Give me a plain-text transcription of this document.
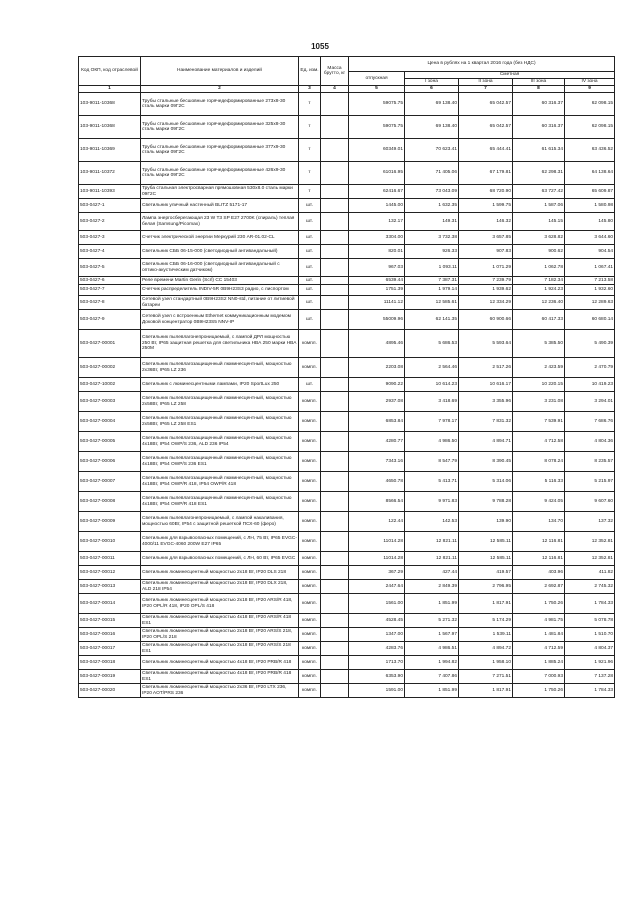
1055
Код ОКП, код отраслевой	Наименование материалов и изделий	Ед. изм.	Масса брутто, кг	Цена в рублях на 1 квартал 2016 года (без НДС)				
				отпускная	Сметная			
					I зона	II зона	III зона	IV зона
1	2	3	4	5	6	7	8	9
103-9011-10368	Трубы стальные бесшовные горячедеформированные 273х8-30 сталь марки 09Г2С	т		59075.75	69 138.40	65 042.57	60 316.37	62 098.15
103-9011-10368	Трубы стальные бесшовные горячедеформированные 325х8-30 сталь марки 09Г2С	т		59075.75	69 138.40	65 042.57	60 316.37	62 098.15
103-9011-10369	Трубы стальные бесшовные горячедеформированные 377х9-30 сталь марки 09Г2С	т		60349.01	70 623.41	65 444.41	61 615.34	63 436.52
103-9011-10372	Трубы стальные бесшовные горячедеформированные 426х9-30 сталь марки 09Г2С	т		61016.95	71 405.06	67 179.81	62 298.31	64 138.64
103-9011-10393	Труба стальная электросварная прямошовная 530х8.0 сталь марки 09Г2С	т		62416.67	73 043.09	68 720.90	63 727.42	65 609.87
503-0427-1	Светильник уличный настенный BLITZ 5171-17	шт.		1445.00	1 632.35	1 599.75	1 587.06	1 580.98
503-0427-2	Лампа энергосберегающая 23 W T3 SP E27 2700K (спираль) теплая белая (Samsung/Picomax)	шт.		132.17	149.31	146.32	145.15	145.80
503-0427-3	Счетчик электрической энергии Меркурий 230 АR-01.02-CL	шт.		3304.00	3 732.38	3 657.85	3 628.82	3 644.60
503-0427-4	Светильник СББ 06-15-000 (светодиодный антивандальный)	шт.		820.01	926.33	907.83	900.62	904.54
503-0427-5	Светильник СББ 06-16-000 (светодиодный антивандальный с оптико-акустическим датчиком)	шт.		967.03	1 093.11	1 071.29	1 062.78	1 067.41
503-0427-6	Реле времени Martin Gerin (Scrl) CC 15403	шт.		6539.44	7 387.31	7 239.79	7 182.34	7 213.58
503-0427-7	Счетчик распределитель INDIV-5R 0B9H23S3 радио, с лиспортом	шт.		1751.39	1 979.14	1 939.62	1 924.23	1 932.60
503-0427-8	Сетевой узел стандартный 0B9H23S2 NN0-std, питание от литиевой батареи	шт.		11141.12	12 585.61	12 334.29	12 236.40	12 289.63
503-0427-9	Сетевой узел с встроенным Ethernet коммуникационным модемом Доковой концентратор 0B9H23S5 NNV-IP	шт.		55009.96	62 141.35	60 900.66	60 417.33	60 680.14
503-0427-00001	Светильник пылевлагонепроницаемый, с лампой ДРЛ мощностью 250 Вт, IP65 защитная решетка для светильника НВА 250 марки НВА 250М	компл.		4895.46	5 686.53	5 593.64	5 385.50	5 490.39
503-0427-00002	Светильник пылевлагозащищенный люминесцентный, мощностью 2х36Вт, IP65 LZ 236	компл.		2203.08	2 564.46	2 517.26	2 423.59	2 470.79
503-0427-10002	Светильник с люминесцентными лампами, IP20 SportLux 250	шт.		9090.22	10 614.23	10 616.17	10 220.15	10 419.23
503-0427-00003	Светильник пылевлагозащищенный люминесцентный, мощностью 2х58Вт, IP65 LZ 258	компл.		2937.08	3 418.69	3 355.96	3 231.08	3 294.01
503-0427-00004	Светильник пылевлагозащищенный люминесцентный, мощностью 2х58Вт, IP65 LZ 258 ES1	компл.		6853.84	7 978.17	7 831.32	7 539.91	7 686.76
503-0427-00005	Светильник пылевлагозащищенный люминесцентный, мощностью 4х18Вт, IP54 OWP/S 236, ALD 236 IP54	компл.		4280.77	4 986.50	4 894.71	4 712.58	4 804.36
503-0427-00006	Светильник пылевлагозащищенный люминесцентный, мощностью 4х18Вт, IP54 OWP/S 236 ES1	компл.		7343.16	8 547.79	8 390.45	8 078.24	8 235.57
503-0427-00007	Светильник пылевлагозащищенный люминесцентный, мощностью 4х18Вт, IP54 OWP/R 418, IP54 OWP/R 418	компл.		4650.78	5 413.71	5 314.06	5 116.33	5 215.97
503-0427-00008	Светильник пылевлагозащищенный люминесцентный, мощностью 4х18Вт, IP54 OWP/R 418 ES1	компл.		8566.54	9 971.83	9 788.28	9 424.05	9 607.60
503-0427-00009	Светильник пылевлагонепроницаемый, с лампой накаливания, мощностью 60Вт, IP54 с защитной решеткой ПСХ-60 (феро)	компл.		122.44	142.53	139.90	134.70	137.32
503-0427-00010	Светильник для взрывоопасных помещений, с ЛН, 75 Вт, IP65 EVGC-4000/11 EVGC-4060 200W E27 IP65	компл.		11014.28	12 821.11	12 585.11	12 116.81	12 352.81
503-0427-00011	Светильник для взрывоопасных помещений, с ЛН, 60 Вт, IP65 EVGC	компл.		11014.28	12 821.11	12 585.11	12 116.81	12 352.81
503-0427-00012	Светильник люминесцентный мощностью 2х18 Вт, IP20 DLS 218	компл.		367.29	427.44	419.57	403.96	411.82
503-0427-00013	Светильник люминесцентный мощностью 2х18 Вт, IP20 DLX 218, ALD 218 IP54	компл.		2447.64	2 849.39	2 796.95	2 692.87	2 745.32
503-0427-00014	Светильник люминесцентный мощностью 2х18 Вт, IP20 ARS/R 418, IP20 OPL/R 418, IP20 OPL/S 418	компл.		1561.00	1 851.99	1 817.91	1 750.26	1 784.33
503-0427-00015	Светильник люминесцентный мощностью 4х18 Вт, IP20 ARS/R 418 ES1	компл.		4528.45	5 271.32	5 174.29	4 981.75	5 078.78
503-0427-00016	Светильник люминесцентный мощностью 2х18 Вт, IP20 ARS/S 218, IP20 OPL/S 218	компл.		1347.00	1 567.97	1 539.11	1 481.84	1 510.70
503-0427-00017	Светильник люминесцентный мощностью 2х18 Вт, IP20 ARS/S 218 ES1	компл.		4283.76	4 986.51	4 894.72	4 712.59	4 804.37
503-0427-00018	Светильник люминесцентный мощностью 4х18 Вт, IP20 PRB/R 418	компл.		1713.70	1 994.82	1 958.10	1 885.24	1 921.96
503-0427-00019	Светильник люминесцентный мощностью 4х18 Вт, IP20 PRB/R 418 ES1	компл.		6353.90	7 407.86	7 271.51	7 000.93	7 137.28
503-0427-00020	Светильник люминесцентный мощностью 2х36 Вт, IP20 LTX 236, IP20 AOT/PRS 236	компл.		1591.00	1 851.99	1 817.91	1 750.26	1 784.33
